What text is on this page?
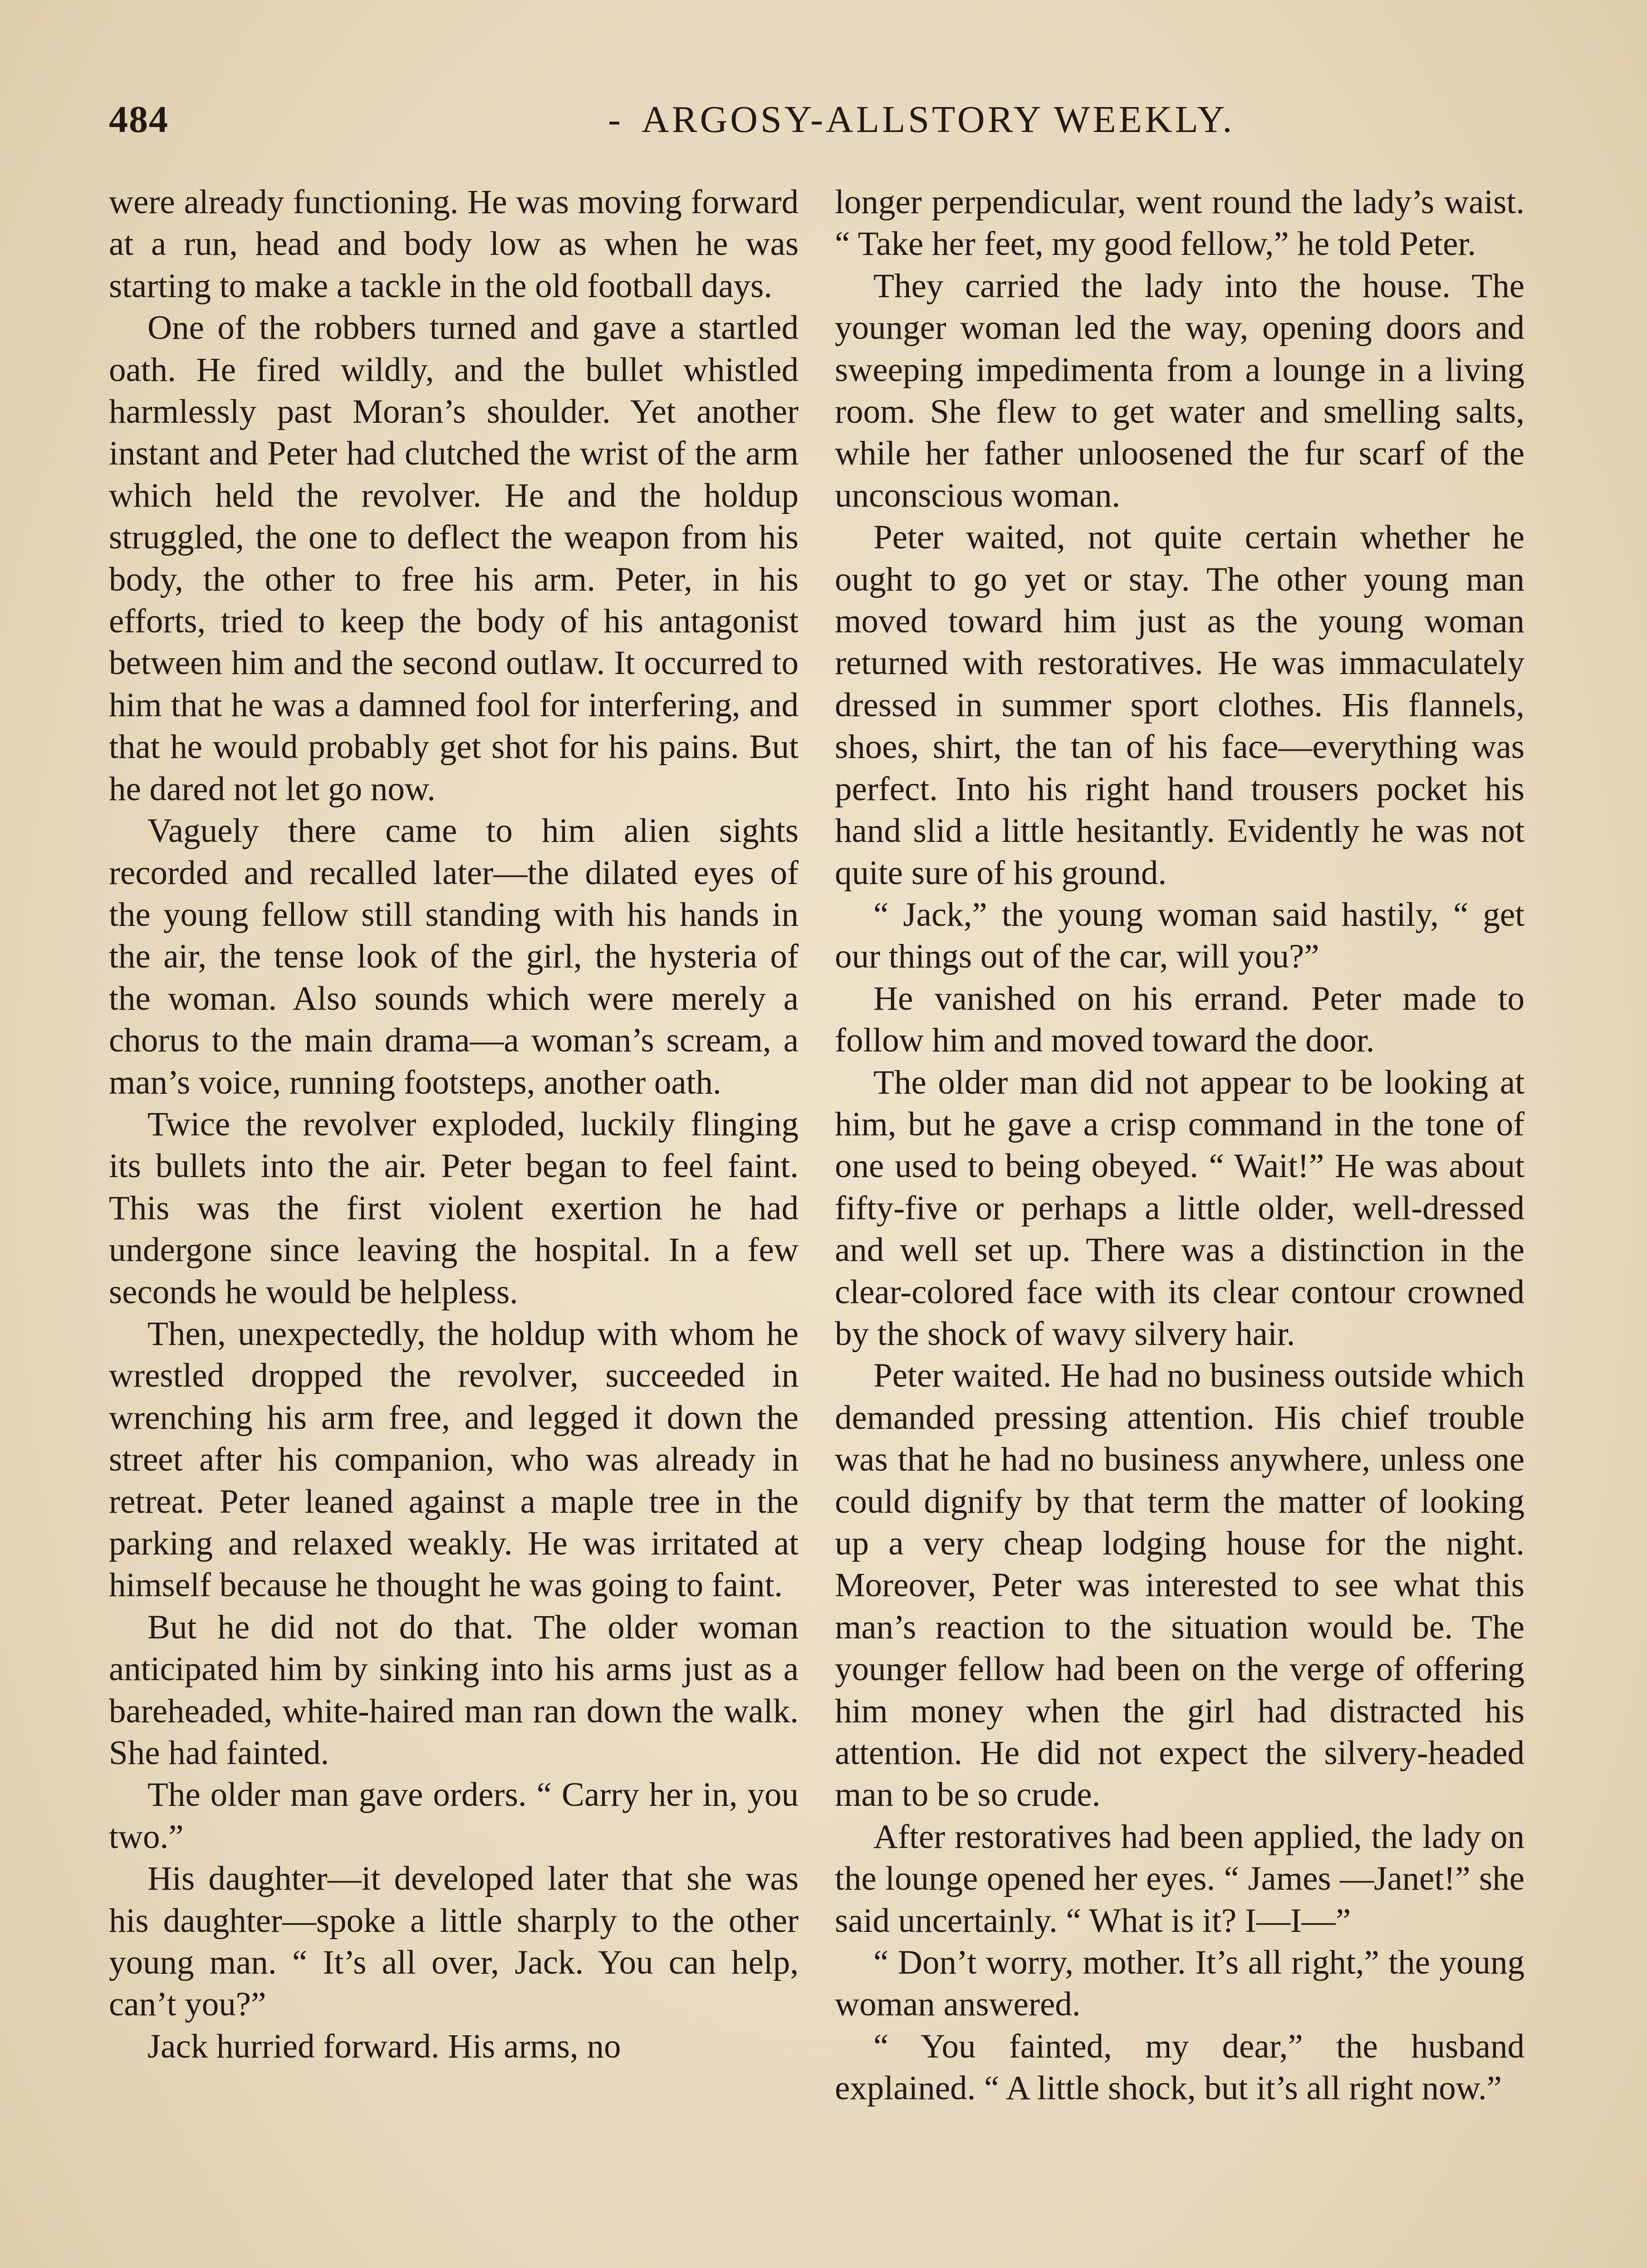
484	- ARGOSY-ALLSTORY WEEKLY.

were already functioning. He was moving forward at a run, head and body low as when he was starting to make a tackle in the old football days.

One of the robbers turned and gave a startled oath. He fired wildly, and the bullet whistled harmlessly past Moran’s shoulder. Yet another instant and Peter had clutched the wrist of the arm which held the revolver. He and the holdup struggled, the one to deflect the weapon from his body, the other to free his arm. Peter, in his efforts, tried to keep the body of his antagonist between him and the second outlaw. It occurred to him that he was a damned fool for interfering, and that he would probably get shot for his pains. But he dared not let go now.

Vaguely there came to him alien sights recorded and recalled later—the dilated eyes of the young fellow still standing with his hands in the air, the tense look of the girl, the hysteria of the woman. Also sounds which were merely a chorus to the main drama—a woman’s scream, a man’s voice, running footsteps, another oath.

Twice the revolver exploded, luckily flinging its bullets into the air. Peter began to feel faint. This was the first violent exertion he had undergone since leaving the hospital. In a few seconds he would be helpless.

Then, unexpectedly, the holdup with whom he wrestled dropped the revolver, succeeded in wrenching his arm free, and legged it down the street after his companion, who was already in retreat. Peter leaned against a maple tree in the parking and relaxed weakly. He was irritated at himself because he thought he was going to faint.

But he did not do that. The older woman anticipated him by sinking into his arms just as a bareheaded, white-haired man ran down the walk. She had fainted.

The older man gave orders. “ Carry her in, you two.”

His daughter—it developed later that she was his daughter—spoke a little sharply to the other young man. “ It’s all over, Jack. You can help, can’t you?”

Jack hurried forward. His arms, no

longer perpendicular, went round the lady’s waist. “ Take her feet, my good fellow,” he told Peter.

They carried the lady into the house. The younger woman led the way, opening doors and sweeping impedimenta from a lounge in a living room. She flew to get water and smelling salts, while her father unloosened the fur scarf of the unconscious woman.

Peter waited, not quite certain whether he ought to go yet or stay. The other young man moved toward him just as the young woman returned with restoratives. He was immaculately dressed in summer sport clothes. His flannels, shoes, shirt, the tan of his face—everything was perfect. Into his right hand trousers pocket his hand slid a little hesitantly. Evidently he was not quite sure of his ground.

“ Jack,” the young woman said hastily, “ get our things out of the car, will you?”

He vanished on his errand. Peter made to follow him and moved toward the door.

The older man did not appear to be looking at him, but he gave a crisp command in the tone of one used to being obeyed. “ Wait!” He was about fifty-five or perhaps a little older, well-dressed and well set up. There was a distinction in the clear-colored face with its clear contour crowned by the shock of wavy silvery hair.

Peter waited. He had no business outside which demanded pressing attention. His chief trouble was that he had no business anywhere, unless one could dignify by that term the matter of looking up a very cheap lodging house for the night. Moreover, Peter was interested to see what this man’s reaction to the situation would be. The younger fellow had been on the verge of offering him money when the girl had distracted his attention. He did not expect the silvery-headed man to be so crude.

After restoratives had been applied, the lady on the lounge opened her eyes. “ James —Janet!” she said uncertainly. “ What is it? I—I—”

“ Don’t worry, mother. It’s all right,” the young woman answered.

“ You fainted, my dear,” the husband explained. “ A little shock, but it’s all right now.”
